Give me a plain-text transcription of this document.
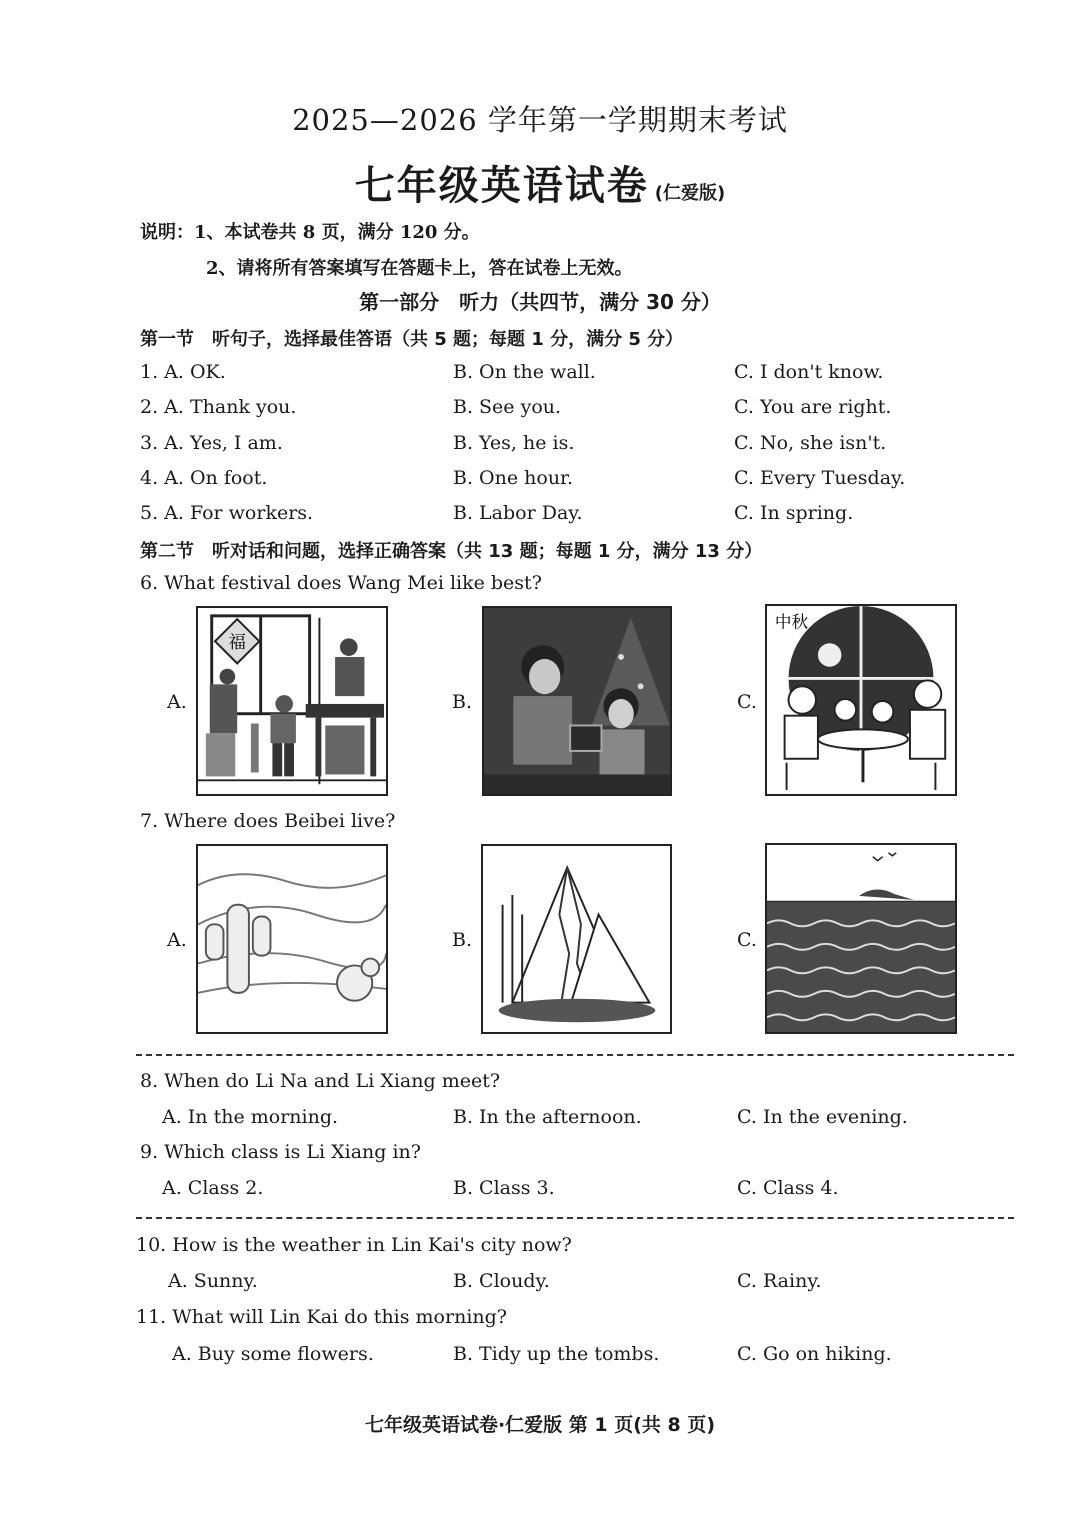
2025—2026 学年第一学期期末考试
七年级英语试卷 (仁爱版)
说明：1、本试卷共 8 页，满分 120 分。
2、请将所有答案填写在答题卡上，答在试卷上无效。
第一部分　听力（共四节，满分 30 分）
第一节　听句子，选择最佳答语（共 5 题；每题 1 分，满分 5 分）
1. A. OK.	B. On the wall.	C. I don't know.
2. A. Thank you.	B. See you.	C. You are right.
3. A. Yes, I am.	B. Yes, he is.	C. No, she isn't.
4. A. On foot.	B. One hour.	C. Every Tuesday.
5. A. For workers.	B. Labor Day.	C. In spring.
第二节　听对话和问题，选择正确答案（共 13 题；每题 1 分，满分 13 分）
6. What festival does Wang Mei like best?
A.
福
B.	C.
中秋
7. Where does Beibei live?
A.	B.	C.
8. When do Li Na and Li Xiang meet?
A. In the morning.	B. In the afternoon.	C. In the evening.
9. Which class is Li Xiang in?
A. Class 2.	B. Class 3.	C. Class 4.
10. How is the weather in Lin Kai's city now?
A. Sunny.	B. Cloudy.	C. Rainy.
11. What will Lin Kai do this morning?
A. Buy some flowers.	B. Tidy up the tombs.	C. Go on hiking.
七年级英语试卷·仁爱版 第 1 页(共 8 页)
